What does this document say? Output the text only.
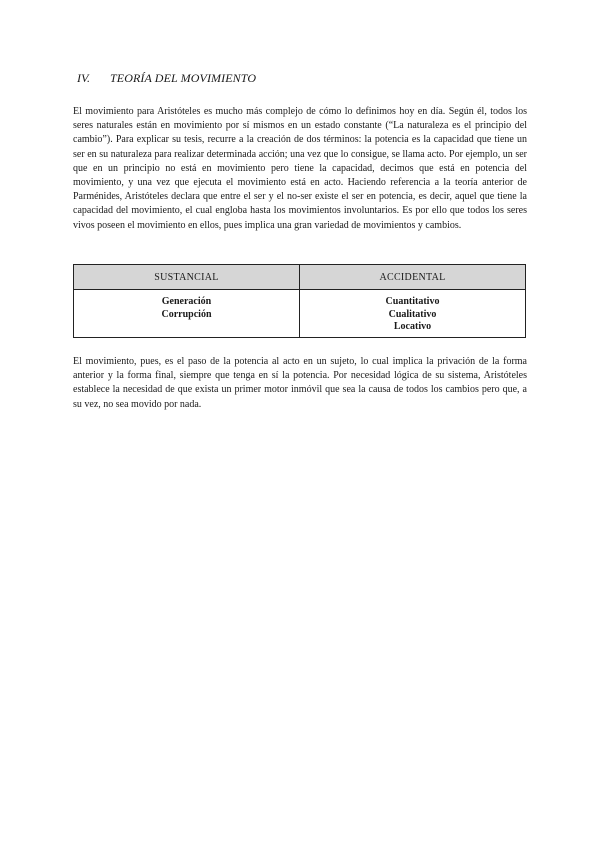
IV. TEORÍA DEL MOVIMIENTO

El movimiento para Aristóteles es mucho más complejo de cómo lo definimos hoy en día. Según él, todos los seres naturales están en movimiento por sí mismos en un estado constante (“La naturaleza es el principio del cambio”). Para explicar su tesis, recurre a la creación de dos términos: la potencia es la capacidad que tiene un ser en su naturaleza para realizar determinada acción; una vez que lo consigue, se llama acto. Por ejemplo, un ser que en un principio no está en movimiento pero tiene la capacidad, decimos que está en potencia del movimiento, y una vez que ejecuta el movimiento está en acto. Haciendo referencia a la teoría anterior de Parménides, Aristóteles declara que entre el ser y el no-ser existe el ser en potencia, es decir, aquel que tiene la capacidad del movimiento, el cual engloba hasta los movimientos involuntarios. Es por ello que todos los seres vivos poseen el movimiento en ellos, pues implica una gran variedad de movimientos y cambios.

SUSTANCIAL	ACCIDENTAL
Generación
Corrupción
Cuantitativo
Cualitativo
Locativo

El movimiento, pues, es el paso de la potencia al acto en un sujeto, lo cual implica la privación de la forma anterior y la forma final, siempre que tenga en sí la potencia. Por necesidad lógica de su sistema, Aristóteles establece la necesidad de que exista un primer motor inmóvil que sea la causa de todos los cambios pero que, a su vez, no sea movido por nada.
